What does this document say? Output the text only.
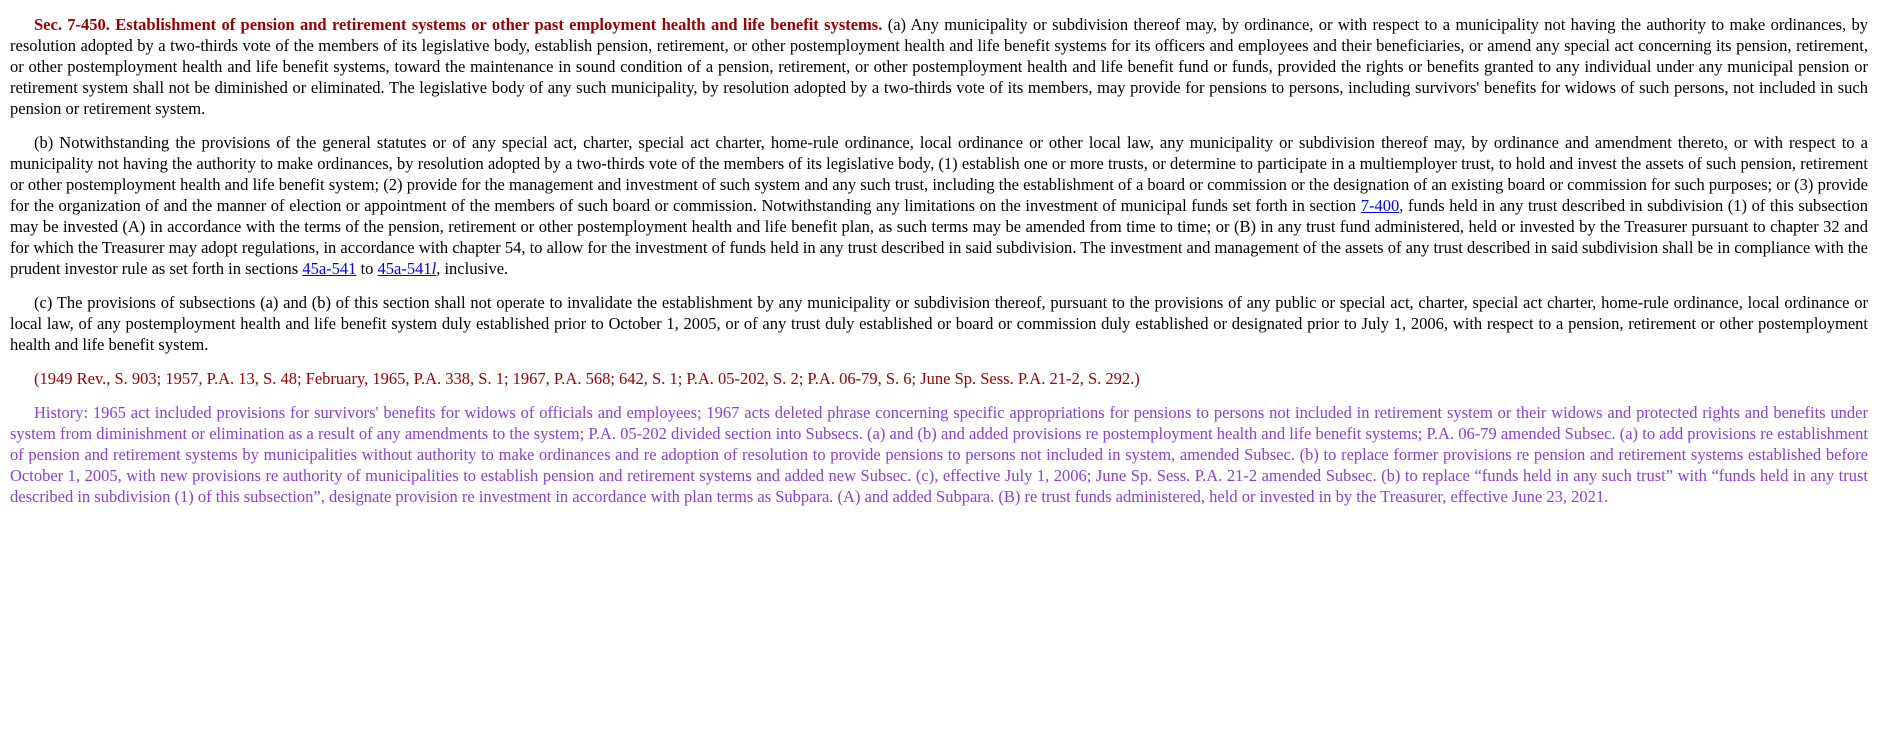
Sec. 7-450. Establishment of pension and retirement systems or other past employment health and life benefit systems. (a) Any municipality or subdivision thereof may, by ordinance, or with respect to a municipality not having the authority to make ordinances, by resolution adopted by a two-thirds vote of the members of its legislative body, establish pension, retirement, or other postemployment health and life benefit systems for its officers and employees and their beneficiaries, or amend any special act concerning its pension, retirement, or other postemployment health and life benefit systems, toward the maintenance in sound condition of a pension, retirement, or other postemployment health and life benefit fund or funds, provided the rights or benefits granted to any individual under any municipal pension or retirement system shall not be diminished or eliminated. The legislative body of any such municipality, by resolution adopted by a two-thirds vote of its members, may provide for pensions to persons, including survivors' benefits for widows of such persons, not included in such pension or retirement system.

(b) Notwithstanding the provisions of the general statutes or of any special act, charter, special act charter, home-rule ordinance, local ordinance or other local law, any municipality or subdivision thereof may, by ordinance and amendment thereto, or with respect to a municipality not having the authority to make ordinances, by resolution adopted by a two-thirds vote of the members of its legislative body, (1) establish one or more trusts, or determine to participate in a multiemployer trust, to hold and invest the assets of such pension, retirement or other postemployment health and life benefit system; (2) provide for the management and investment of such system and any such trust, including the establishment of a board or commission or the designation of an existing board or commission for such purposes; or (3) provide for the organization of and the manner of election or appointment of the members of such board or commission. Notwithstanding any limitations on the investment of municipal funds set forth in section 7-400, funds held in any trust described in subdivision (1) of this subsection may be invested (A) in accordance with the terms of the pension, retirement or other postemployment health and life benefit plan, as such terms may be amended from time to time; or (B) in any trust fund administered, held or invested by the Treasurer pursuant to chapter 32 and for which the Treasurer may adopt regulations, in accordance with chapter 54, to allow for the investment of funds held in any trust described in said subdivision. The investment and management of the assets of any trust described in said subdivision shall be in compliance with the prudent investor rule as set forth in sections 45a-541 to 45a-541l, inclusive.

(c) The provisions of subsections (a) and (b) of this section shall not operate to invalidate the establishment by any municipality or subdivision thereof, pursuant to the provisions of any public or special act, charter, special act charter, home-rule ordinance, local ordinance or local law, of any postemployment health and life benefit system duly established prior to October 1, 2005, or of any trust duly established or board or commission duly established or designated prior to July 1, 2006, with respect to a pension, retirement or other postemployment health and life benefit system.

(1949 Rev., S. 903; 1957, P.A. 13, S. 48; February, 1965, P.A. 338, S. 1; 1967, P.A. 568; 642, S. 1; P.A. 05-202, S. 2; P.A. 06-79, S. 6; June Sp. Sess. P.A. 21-2, S. 292.)

History: 1965 act included provisions for survivors' benefits for widows of officials and employees; 1967 acts deleted phrase concerning specific appropriations for pensions to persons not included in retirement system or their widows and protected rights and benefits under system from diminishment or elimination as a result of any amendments to the system; P.A. 05-202 divided section into Subsecs. (a) and (b) and added provisions re postemployment health and life benefit systems; P.A. 06-79 amended Subsec. (a) to add provisions re establishment of pension and retirement systems by municipalities without authority to make ordinances and re adoption of resolution to provide pensions to persons not included in system, amended Subsec. (b) to replace former provisions re pension and retirement systems established before October 1, 2005, with new provisions re authority of municipalities to establish pension and retirement systems and added new Subsec. (c), effective July 1, 2006; June Sp. Sess. P.A. 21-2 amended Subsec. (b) to replace “funds held in any such trust” with “funds held in any trust described in subdivision (1) of this subsection”, designate provision re investment in accordance with plan terms as Subpara. (A) and added Subpara. (B) re trust funds administered, held or invested in by the Treasurer, effective June 23, 2021.
